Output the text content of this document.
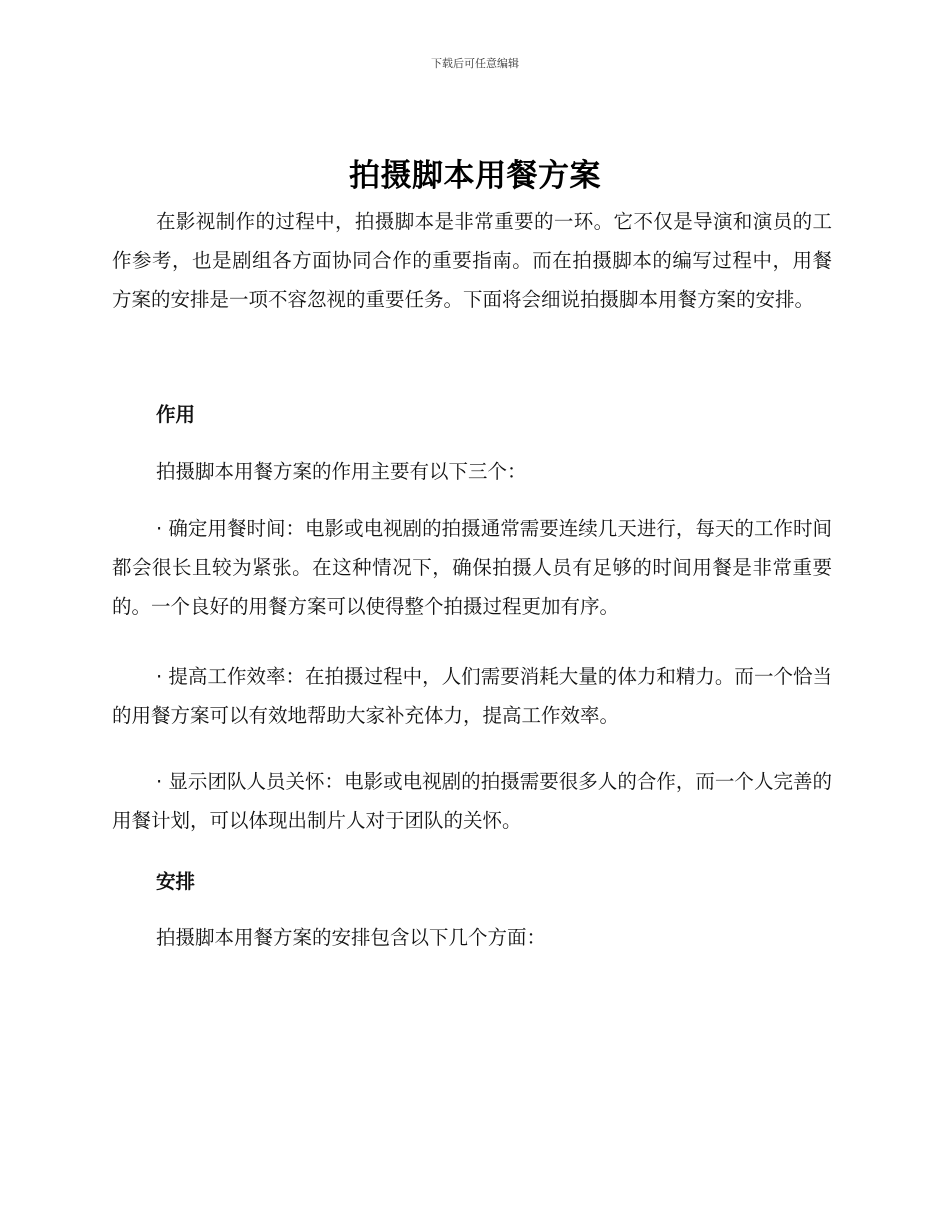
下载后可任意编辑
拍摄脚本用餐方案

在影视制作的过程中，拍摄脚本是非常重要的一环。它不仅是导演和演员的工作参考，也是剧组各方面协同合作的重要指南。而在拍摄脚本的编写过程中，用餐方案的安排是一项不容忽视的重要任务。下面将会细说拍摄脚本用餐方案的安排。

作用
拍摄脚本用餐方案的作用主要有以下三个：

· 确定用餐时间：电影或电视剧的拍摄通常需要连续几天进行，每天的工作时间都会很长且较为紧张。在这种情况下，确保拍摄人员有足够的时间用餐是非常重要的。一个良好的用餐方案可以使得整个拍摄过程更加有序。

· 提高工作效率：在拍摄过程中，人们需要消耗大量的体力和精力。而一个恰当的用餐方案可以有效地帮助大家补充体力，提高工作效率。

· 显示团队人员关怀：电影或电视剧的拍摄需要很多人的合作，而一个人完善的用餐计划，可以体现出制片人对于团队的关怀。

安排
拍摄脚本用餐方案的安排包含以下几个方面：
